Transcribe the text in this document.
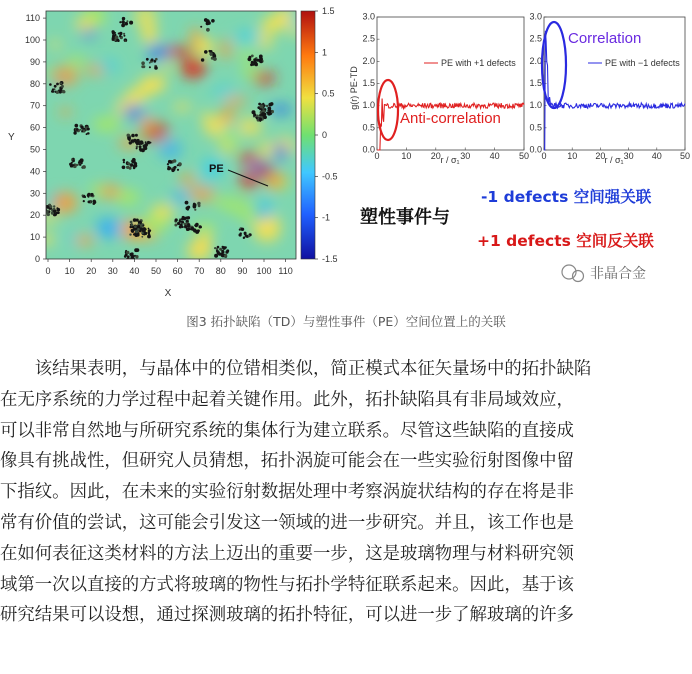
0
10
20
30
40
50
60
70
80
90
100
110
0 10 20 30 40 50 60 70 80 90 100 110
Y
X
PE
1.5
1
0.5
0
-0.5
-1
-1.5
0 10 20 30 40 50
0.0
0.5
1.0
1.5
2.0
2.5
3.0
g(r) PE-TD
r / σ₁
PE with +1 defects
Anti-correlation
0 10 20 30 40 50
0.0
0.5
1.0
1.5
2.0
2.5
3.0
r / σ₁
PE with −1 defects
Correlation
塑性事件与
-1 defects 空间强关联
+1 defects 空间反关联
非晶合金
图3 拓扑缺陷（TD）与塑性事件（PE）空间位置上的关联
　　该结果表明，与晶体中的位错相类似，简正模式本征矢量场中的拓扑缺陷
在无序系统的力学过程中起着关键作用。此外，拓扑缺陷具有非局域效应，
可以非常自然地与所研究系统的集体行为建立联系。尽管这些缺陷的直接成
像具有挑战性，但研究人员猜想，拓扑涡旋可能会在一些实验衍射图像中留
下指纹。因此，在未来的实验衍射数据处理中考察涡旋状结构的存在将是非
常有价值的尝试，这可能会引发这一领域的进一步研究。并且，该工作也是
在如何表征这类材料的方法上迈出的重要一步，这是玻璃物理与材料研究领
域第一次以直接的方式将玻璃的物性与拓扑学特征联系起来。因此，基于该
研究结果可以设想，通过探测玻璃的拓扑特征，可以进一步了解玻璃的许多
